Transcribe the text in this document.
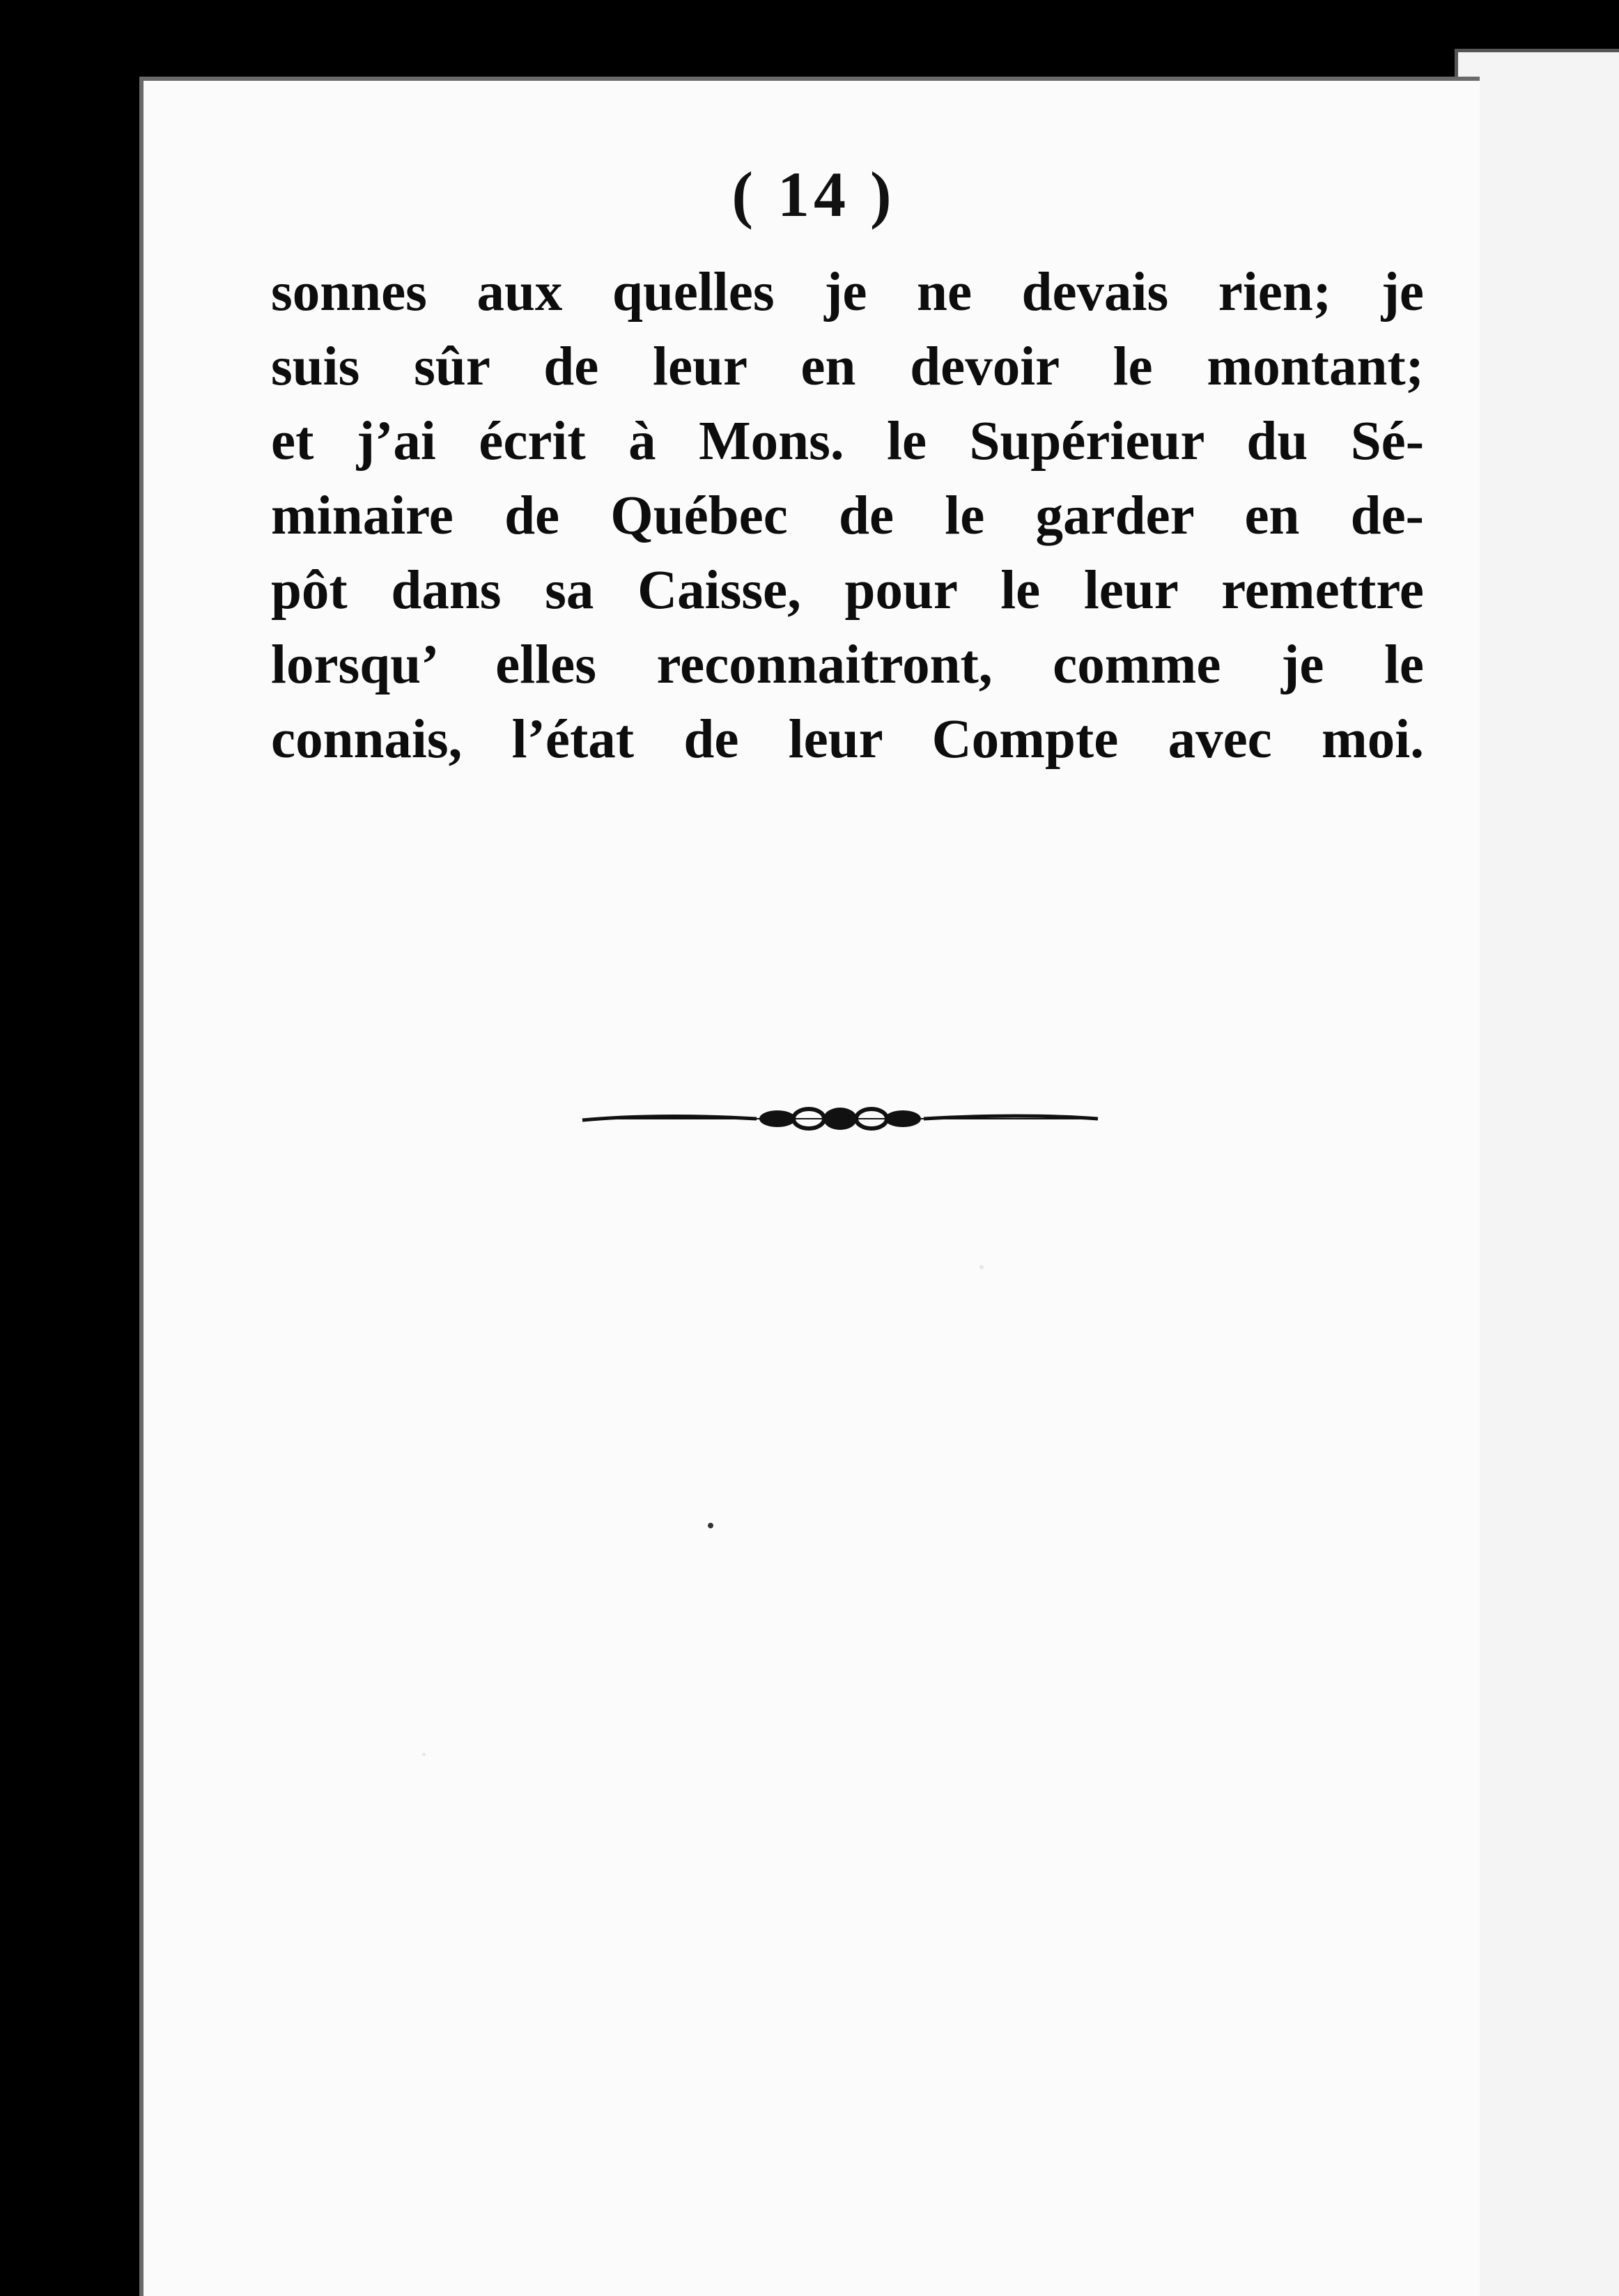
( 14 )
sonnes aux quelles je ne devais rien; je
suis sûr de leur en devoir le montant;
et j’ai écrit à Mons. le Supérieur du Sé-
minaire de Québec de le garder en de-
pôt dans sa Caisse, pour le leur remettre
lorsqu’ elles reconnaitront, comme je le
connais, l’état de leur Compte avec moi.
